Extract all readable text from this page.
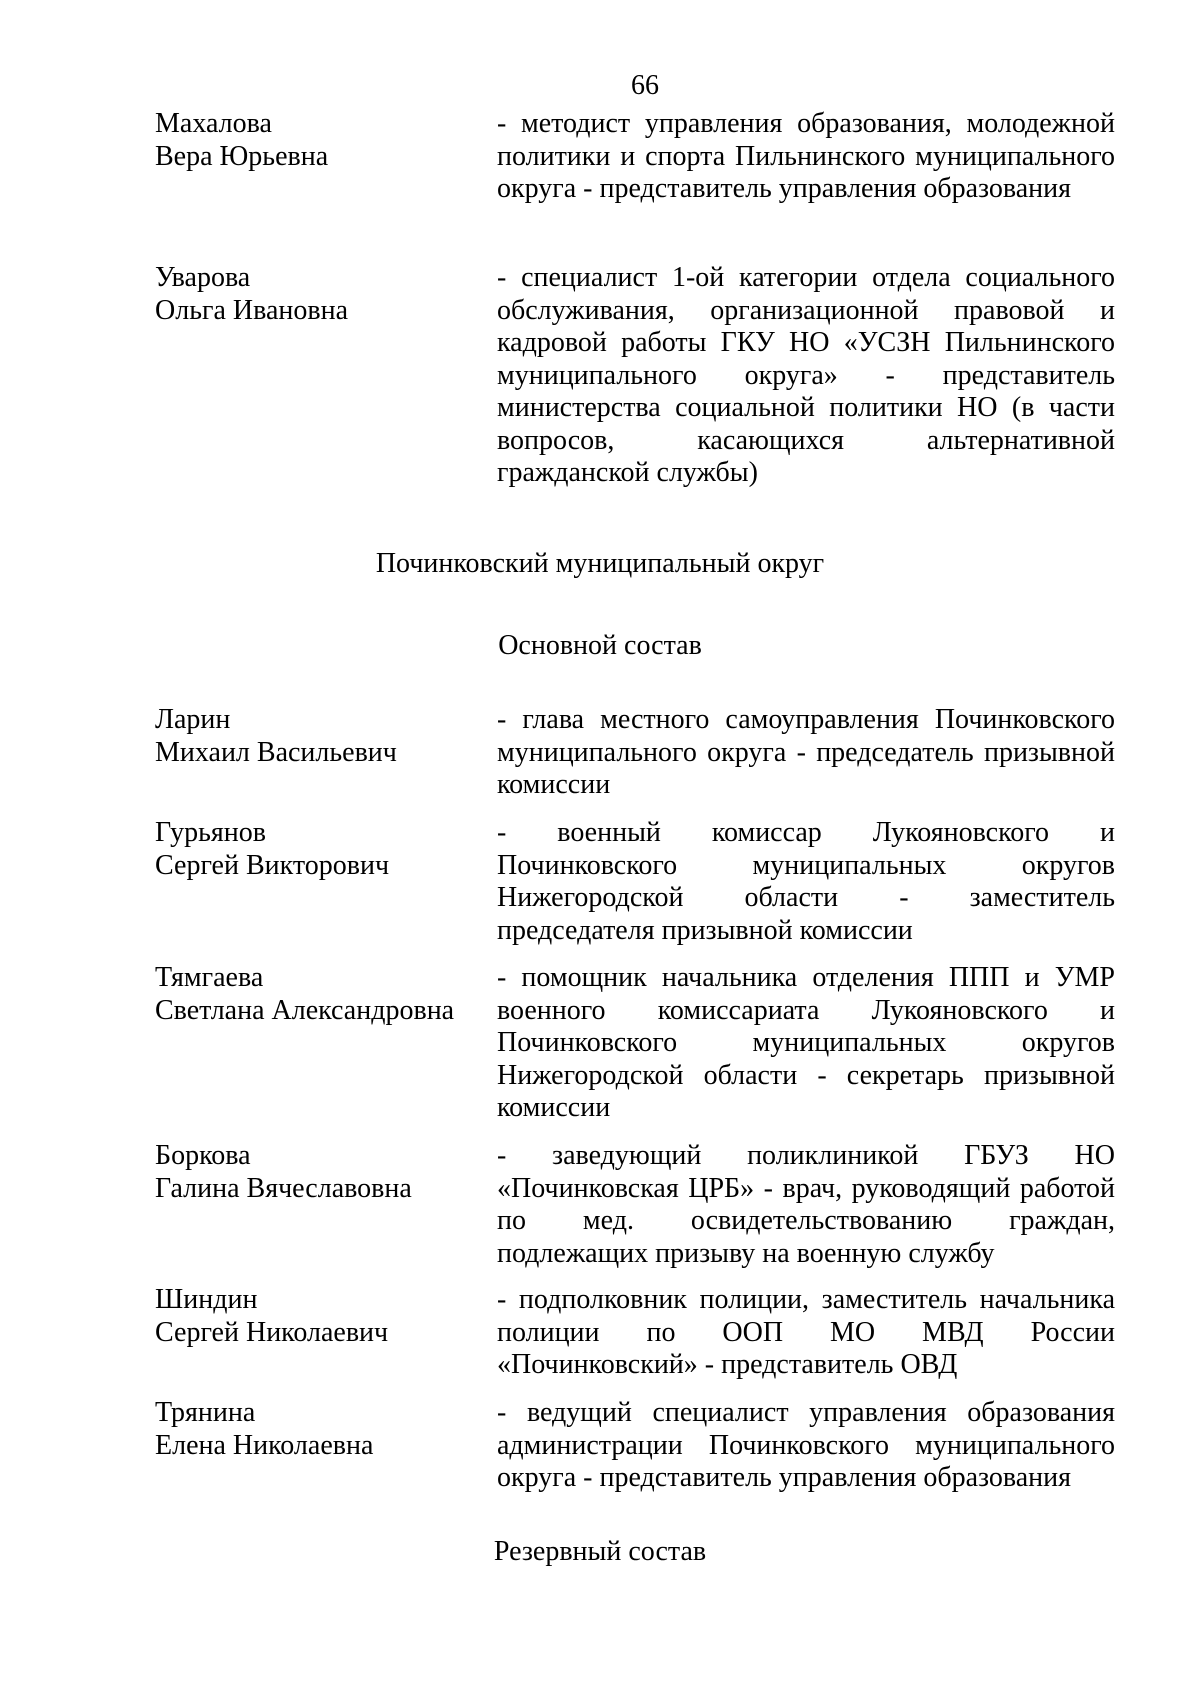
66
Махалова
Вера Юрьевна
- методист управления образования, молодежной политики и спорта Пильнинского муниципального округа - представитель управления образования
Уварова
Ольга Ивановна
- специалист 1-ой категории отдела социального обслуживания, организационной правовой и кадровой работы ГКУ НО «УСЗН Пильнинского муниципального округа» - представитель министерства социальной политики НО (в части вопросов, касающихся альтернативной гражданской службы)
Починковский муниципальный округ
Основной состав
Ларин
Михаил Васильевич
- глава местного самоуправления Починковского муниципального округа - председатель призывной комиссии
Гурьянов
Сергей Викторович
- военный комиссар Лукояновского и Починковского муниципальных округов Нижегородской области - заместитель председателя призывной комиссии
Тямгаева
Светлана Александровна
- помощник начальника отделения ППП и УМР военного комиссариата Лукояновского и Починковского муниципальных округов Нижегородской области - секретарь призывной комиссии
Боркова
Галина Вячеславовна
- заведующий поликлиникой ГБУЗ НО «Починковская ЦРБ» - врач, руководящий работой по мед. освидетельствованию граждан, подлежащих призыву на военную службу
Шиндин
Сергей Николаевич
- подполковник полиции, заместитель начальника полиции по ООП МО МВД России «Починковский» - представитель ОВД
Трянина
Елена Николаевна
- ведущий специалист управления образования администрации Починковского муниципального округа - представитель управления образования
Резервный состав
